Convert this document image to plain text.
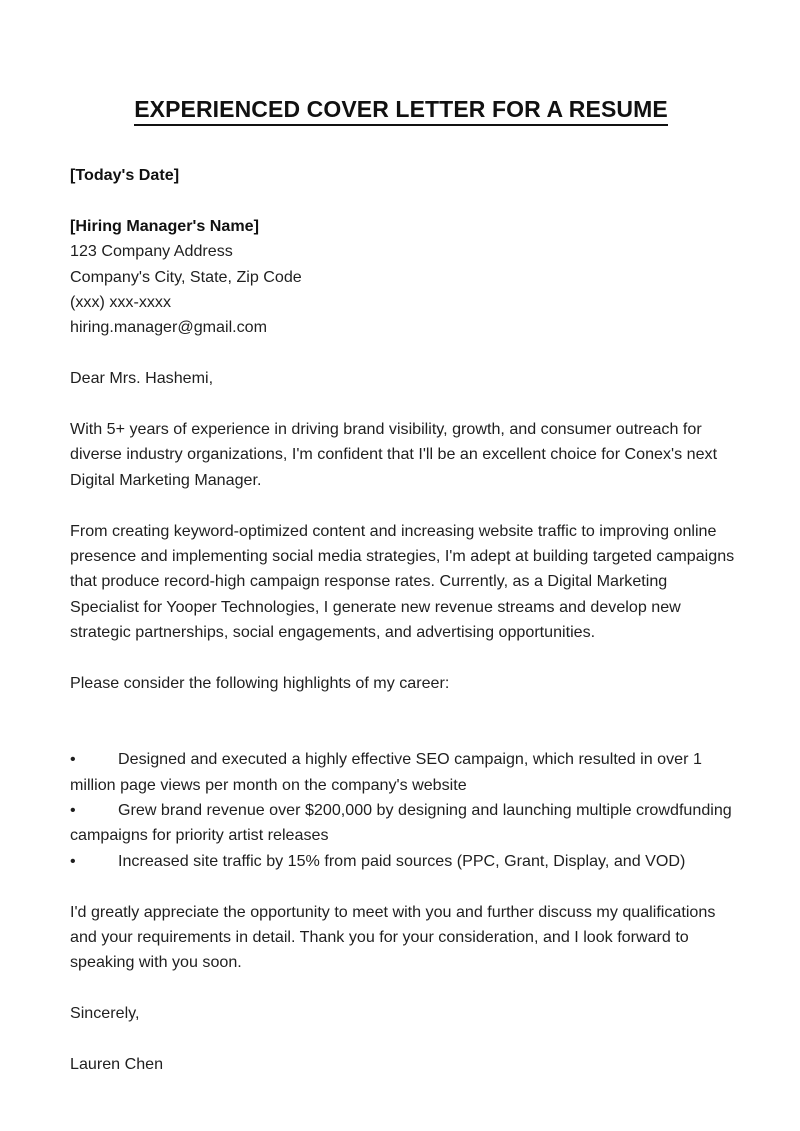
EXPERIENCED COVER LETTER FOR A RESUME

[Today's Date]

[Hiring Manager's Name]
123 Company Address
Company's City, State, Zip Code
(xxx) xxx-xxxx
hiring.manager@gmail.com

Dear Mrs. Hashemi,

With 5+ years of experience in driving brand visibility, growth, and consumer outreach for diverse industry organizations, I'm confident that I'll be an excellent choice for Conex's next Digital Marketing Manager.

From creating keyword-optimized content and increasing website traffic to improving online presence and implementing social media strategies, I'm adept at building targeted campaigns that produce record-high campaign response rates. Currently, as a Digital Marketing Specialist for Yooper Technologies, I generate new revenue streams and develop new strategic partnerships, social engagements, and advertising opportunities.

Please consider the following highlights of my career:

•	Designed and executed a highly effective SEO campaign, which resulted in over 1 million page views per month on the company's website
•	Grew brand revenue over $200,000 by designing and launching multiple crowdfunding campaigns for priority artist releases
•	Increased site traffic by 15% from paid sources (PPC, Grant, Display, and VOD)

I'd greatly appreciate the opportunity to meet with you and further discuss my qualifications and your requirements in detail. Thank you for your consideration, and I look forward to speaking with you soon.

Sincerely,

Lauren Chen
